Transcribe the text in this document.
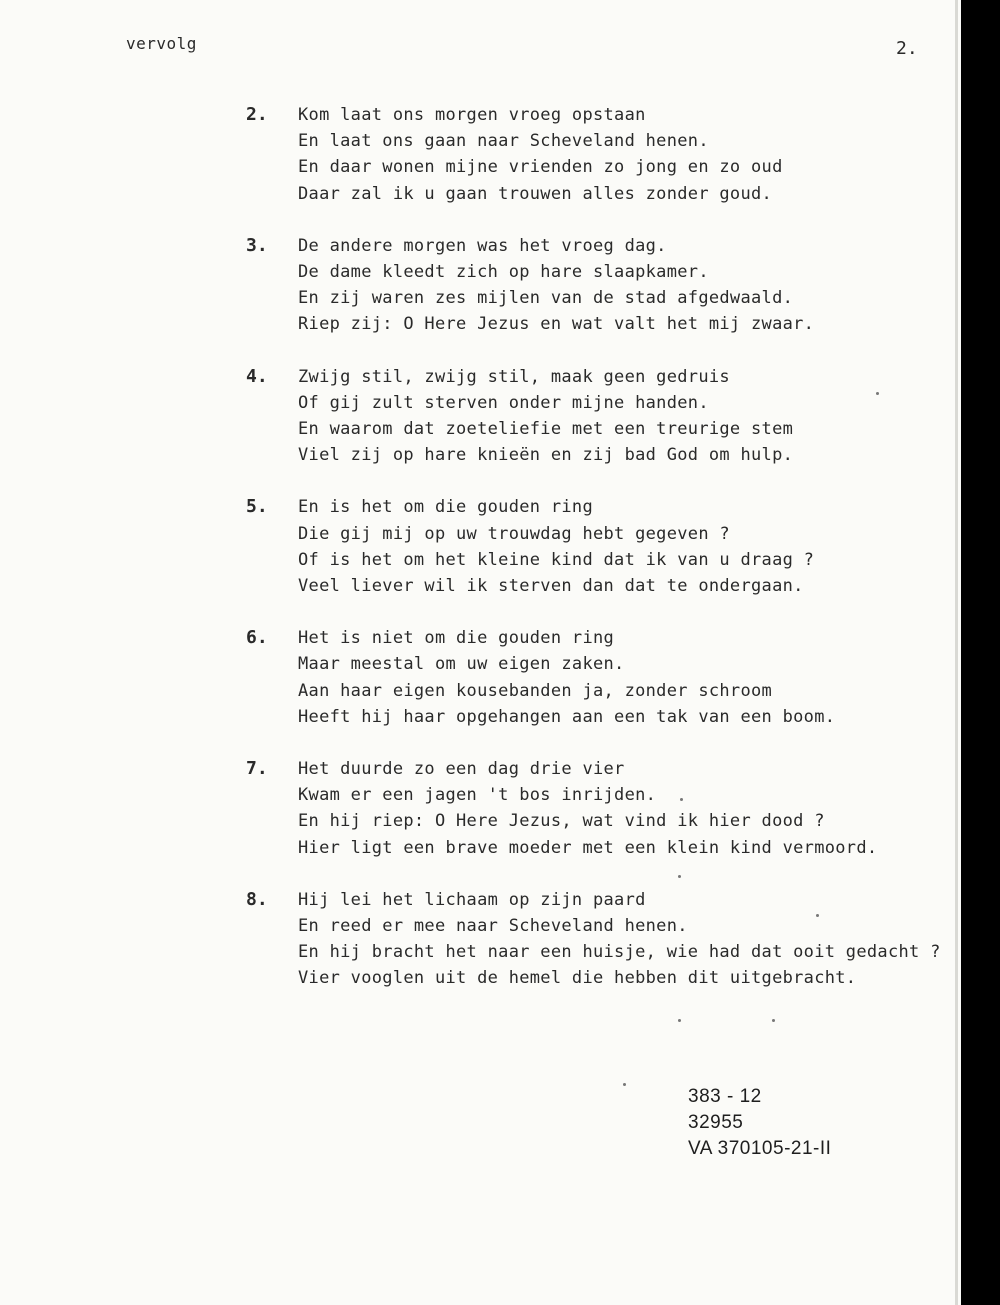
vervolg	2.
2. Kom laat ons morgen vroeg opstaan
En laat ons gaan naar Scheveland henen.
En daar wonen mijne vrienden zo jong en zo oud
Daar zal ik u gaan trouwen alles zonder goud.
3. De andere morgen was het vroeg dag.
De dame kleedt zich op hare slaapkamer.
En zij waren zes mijlen van de stad afgedwaald.
Riep zij: O Here Jezus en wat valt het mij zwaar.
4. Zwijg stil, zwijg stil, maak geen gedruis
Of gij zult sterven onder mijne handen.
En waarom dat zoeteliefie met een treurige stem
Viel zij op hare knieën en zij bad God om hulp.
5. En is het om die gouden ring
Die gij mij op uw trouwdag hebt gegeven ?
Of is het om het kleine kind dat ik van u draag ?
Veel liever wil ik sterven dan dat te ondergaan.
6. Het is niet om die gouden ring
Maar meestal om uw eigen zaken.
Aan haar eigen kousebanden ja, zonder schroom
Heeft hij haar opgehangen aan een tak van een boom.
7. Het duurde zo een dag drie vier
Kwam er een jagen 't bos inrijden.
En hij riep: O Here Jezus, wat vind ik hier dood ?
Hier ligt een brave moeder met een klein kind vermoord.
8. Hij lei het lichaam op zijn paard
En reed er mee naar Scheveland henen.
En hij bracht het naar een huisje, wie had dat ooit gedacht ?
Vier vooglen uit de hemel die hebben dit uitgebracht.
383 - 12
32955
VA 370105-21-II
